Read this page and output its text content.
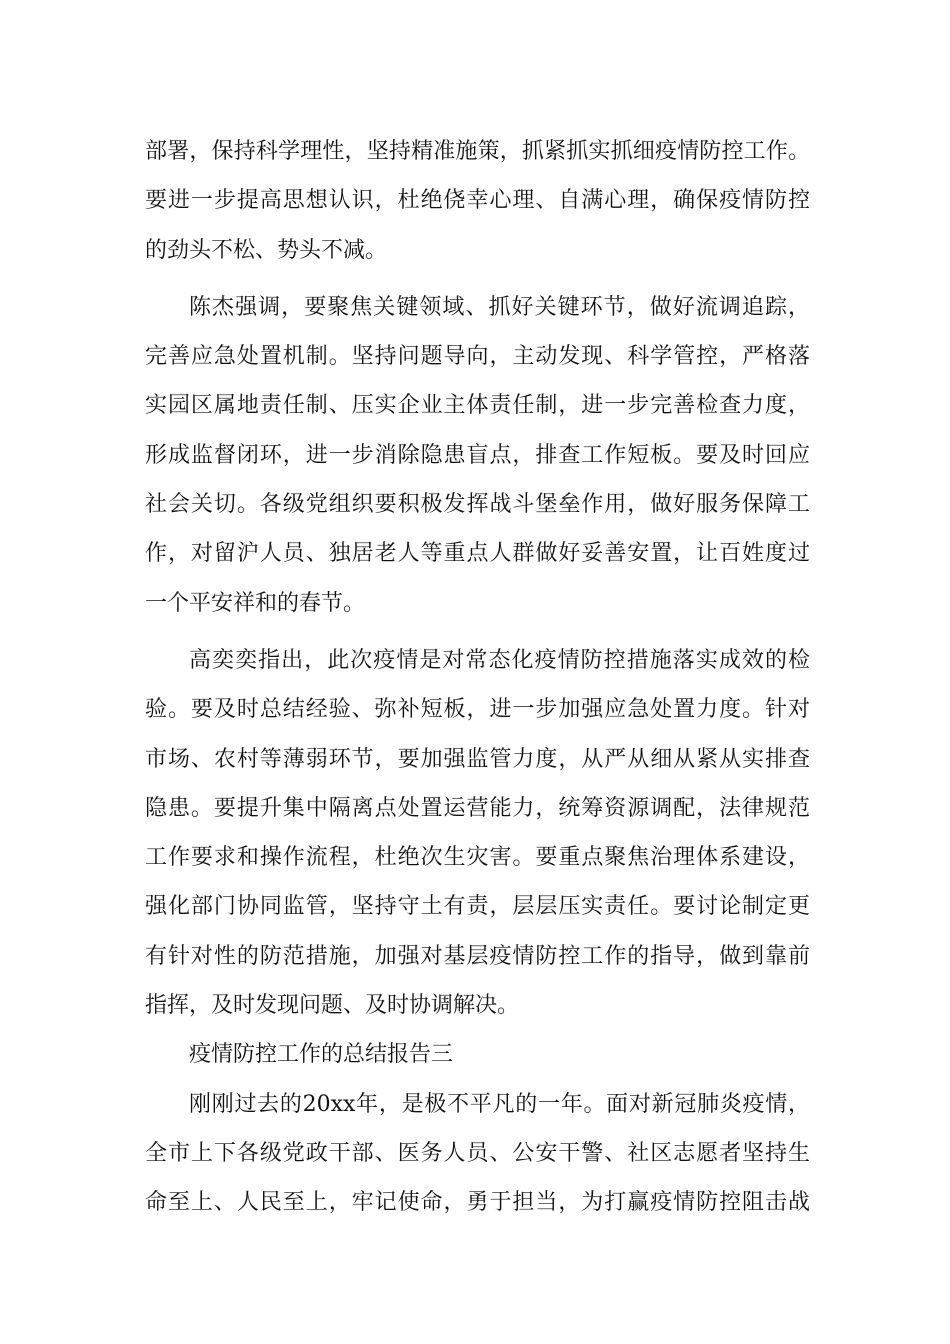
部署，保持科学理性，坚持精准施策，抓紧抓实抓细疫情防控工作。
要进一步提高思想认识，杜绝侥幸心理、自满心理，确保疫情防控
的劲头不松、势头不减。
陈杰强调，要聚焦关键领域、抓好关键环节，做好流调追踪，
完善应急处置机制。坚持问题导向，主动发现、科学管控，严格落
实园区属地责任制、压实企业主体责任制，进一步完善检查力度，
形成监督闭环，进一步消除隐患盲点，排查工作短板。要及时回应
社会关切。各级党组织要积极发挥战斗堡垒作用，做好服务保障工
作，对留沪人员、独居老人等重点人群做好妥善安置，让百姓度过
一个平安祥和的春节。
高奕奕指出，此次疫情是对常态化疫情防控措施落实成效的检
验。要及时总结经验、弥补短板，进一步加强应急处置力度。针对
市场、农村等薄弱环节，要加强监管力度，从严从细从紧从实排查
隐患。要提升集中隔离点处置运营能力，统筹资源调配，法律规范
工作要求和操作流程，杜绝次生灾害。要重点聚焦治理体系建设，
强化部门协同监管，坚持守土有责，层层压实责任。要讨论制定更
有针对性的防范措施，加强对基层疫情防控工作的指导，做到靠前
指挥，及时发现问题、及时协调解决。
疫情防控工作的总结报告三
刚刚过去的20xx年，是极不平凡的一年。面对新冠肺炎疫情，
全市上下各级党政干部、医务人员、公安干警、社区志愿者坚持生
命至上、人民至上，牢记使命，勇于担当，为打赢疫情防控阻击战
